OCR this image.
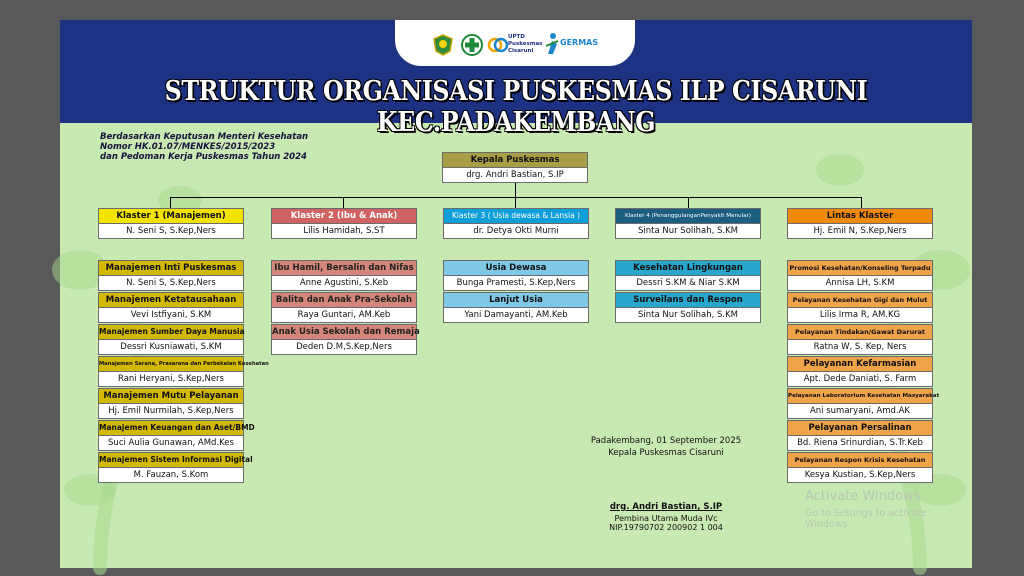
UPTD Puskesmas Cisaruni
GERMAS
STRUKTUR ORGANISASI PUSKESMAS ILP CISARUNI KEC.PADAKEMBANG
Berdasarkan Keputusan Menteri Kesehatan
Nomor HK.01.07/MENKES/2015/2023
dan Pedoman Kerja Puskesmas Tahun 2024	Kepala Puskesmas
drg. Andri Bastian, S.IP
Klaster 1 (Manajemen)
N. Seni S, S.Kep,Ners
Manajemen Inti Puskesmas
N. Seni S, S.Kep,Ners
Manajemen Ketatausahaan
Vevi Istfiyani, S.KM
Manajemen Sumber Daya Manusia
Dessri Kusniawati, S.KM
Manajemen Sarana, Prasarana dan Perbekalan Kesehatan
Rani Heryani, S.Kep,Ners
Manajemen Mutu Pelayanan
Hj. Emil Nurmilah, S.Kep,Ners
Manajemen Keuangan dan Aset/BMD
Suci Aulia Gunawan, AMd.Kes
Manajemen Sistem Informasi Digital
M. Fauzan, S.Kom
Klaster 2 (Ibu & Anak)
Lilis Hamidah, S.ST
Ibu Hamil, Bersalin dan Nifas
Anne Agustini, S.Keb
Balita dan Anak Pra-Sekolah
Raya Guntari, AM.Keb
Anak Usia Sekolah dan Remaja
Deden D.M,S.Kep,Ners
Klaster 3 ( Usia dewasa & Lansia )
dr. Detya Okti Murni
Usia Dewasa
Bunga Pramesti, S.Kep,Ners
Lanjut Usia
Yani Damayanti, AM.Keb
Klaster 4 (PenanggulanganPenyakit Menular)
Sinta Nur Solihah, S.KM
Kesehatan Lingkungan
Dessri S.KM & Niar S.KM
Surveilans dan Respon
Sinta Nur Solihah, S.KM
Lintas Klaster
Hj. Emil N, S.Kep,Ners
Promosi Kesehatan/Konseling Terpadu
Annisa LH, S.KM
Pelayanan Kesehatan Gigi dan Mulut
Lilis Irma R, AM.KG
Pelayanan Tindakan/Gawat Darurat
Ratna W, S. Kep, Ners
Pelayanan Kefarmasian
Apt. Dede Daniati, S. Farm
Pelayanan Laboratorium Kesehatan Masyarakat
Ani sumaryani, Amd.AK
Pelayanan Persalinan
Bd. Riena Srinurdian, S.Tr.Keb
Pelayanan Respon Krisis Kesehatan
Kesya Kustian, S.Kep,Ners
Padakembang, 01 September 2025
Kepala Puskesmas Cisaruni
drg. Andri Bastian, S.IP
Pembina Utama Muda IVc
NIP.19790702 200902 1 004
Activate Windows
Go to Settings to activate Windows.
